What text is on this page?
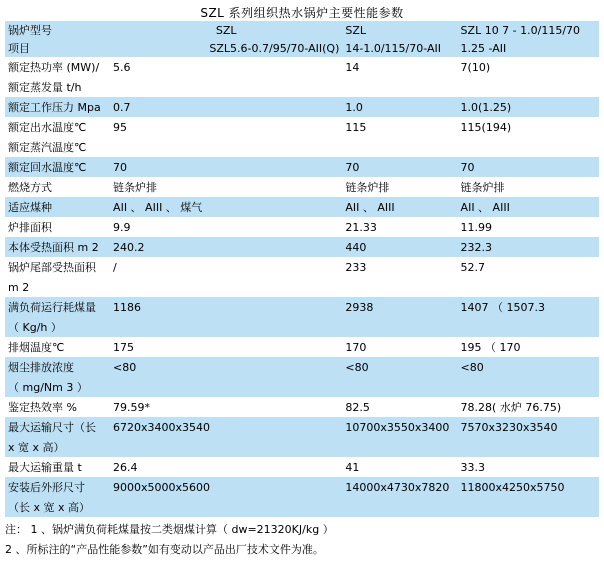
SZL 系列组织热水锅炉主要性能参数
锅炉型号	SZL	SZL	SZL 10 7 - 1.0/115/70
项目	SZL5.6-0.7/95/70-AII(Q)	14-1.0/115/70-AII	1.25 -AII
额定热功率 (MW)/	5.6	14	7(10)
额定蒸发量 t/h			
额定工作压力 Mpa	0.7	1.0	1.0(1.25)
额定出水温度℃	95	115	115(194)
额定蒸汽温度℃			
额定回水温度℃	70	70	70
燃烧方式	链条炉排	链条炉排	链条炉排
适应煤种	AII 、 AIII 、 煤气	AII 、 AIII	AII 、 AIII
炉排面积	9.9	21.33	11.99
本体受热面积 m 2	240.2	440	232.3
锅炉尾部受热面积	/	233	52.7
m 2			
满负荷运行耗煤量	1186	2938	1407 （ 1507.3
（ Kg/h ）			
排烟温度℃	175	170	195 （ 170
烟尘排放浓度	<80	<80	<80
（ mg/Nm 3 ）			
鉴定热效率 %	79.59*	82.5	78.28( 水炉 76.75)
最大运输尺寸（长	6720x3400x3540	10700x3550x3400	7570x3230x3540
x 宽 x 高）			
最大运输重量 t	26.4	41	33.3
安装后外形尺寸	9000x5000x5600	14000x4730x7820	11800x4250x5750
（长 x 宽 x 高）			
注： 1 、锅炉满负荷耗煤量按二类烟煤计算（ dw=21320KJ/kg ）
2 、所标注的“产品性能参数”如有变动以产品出厂技术文件为准。
